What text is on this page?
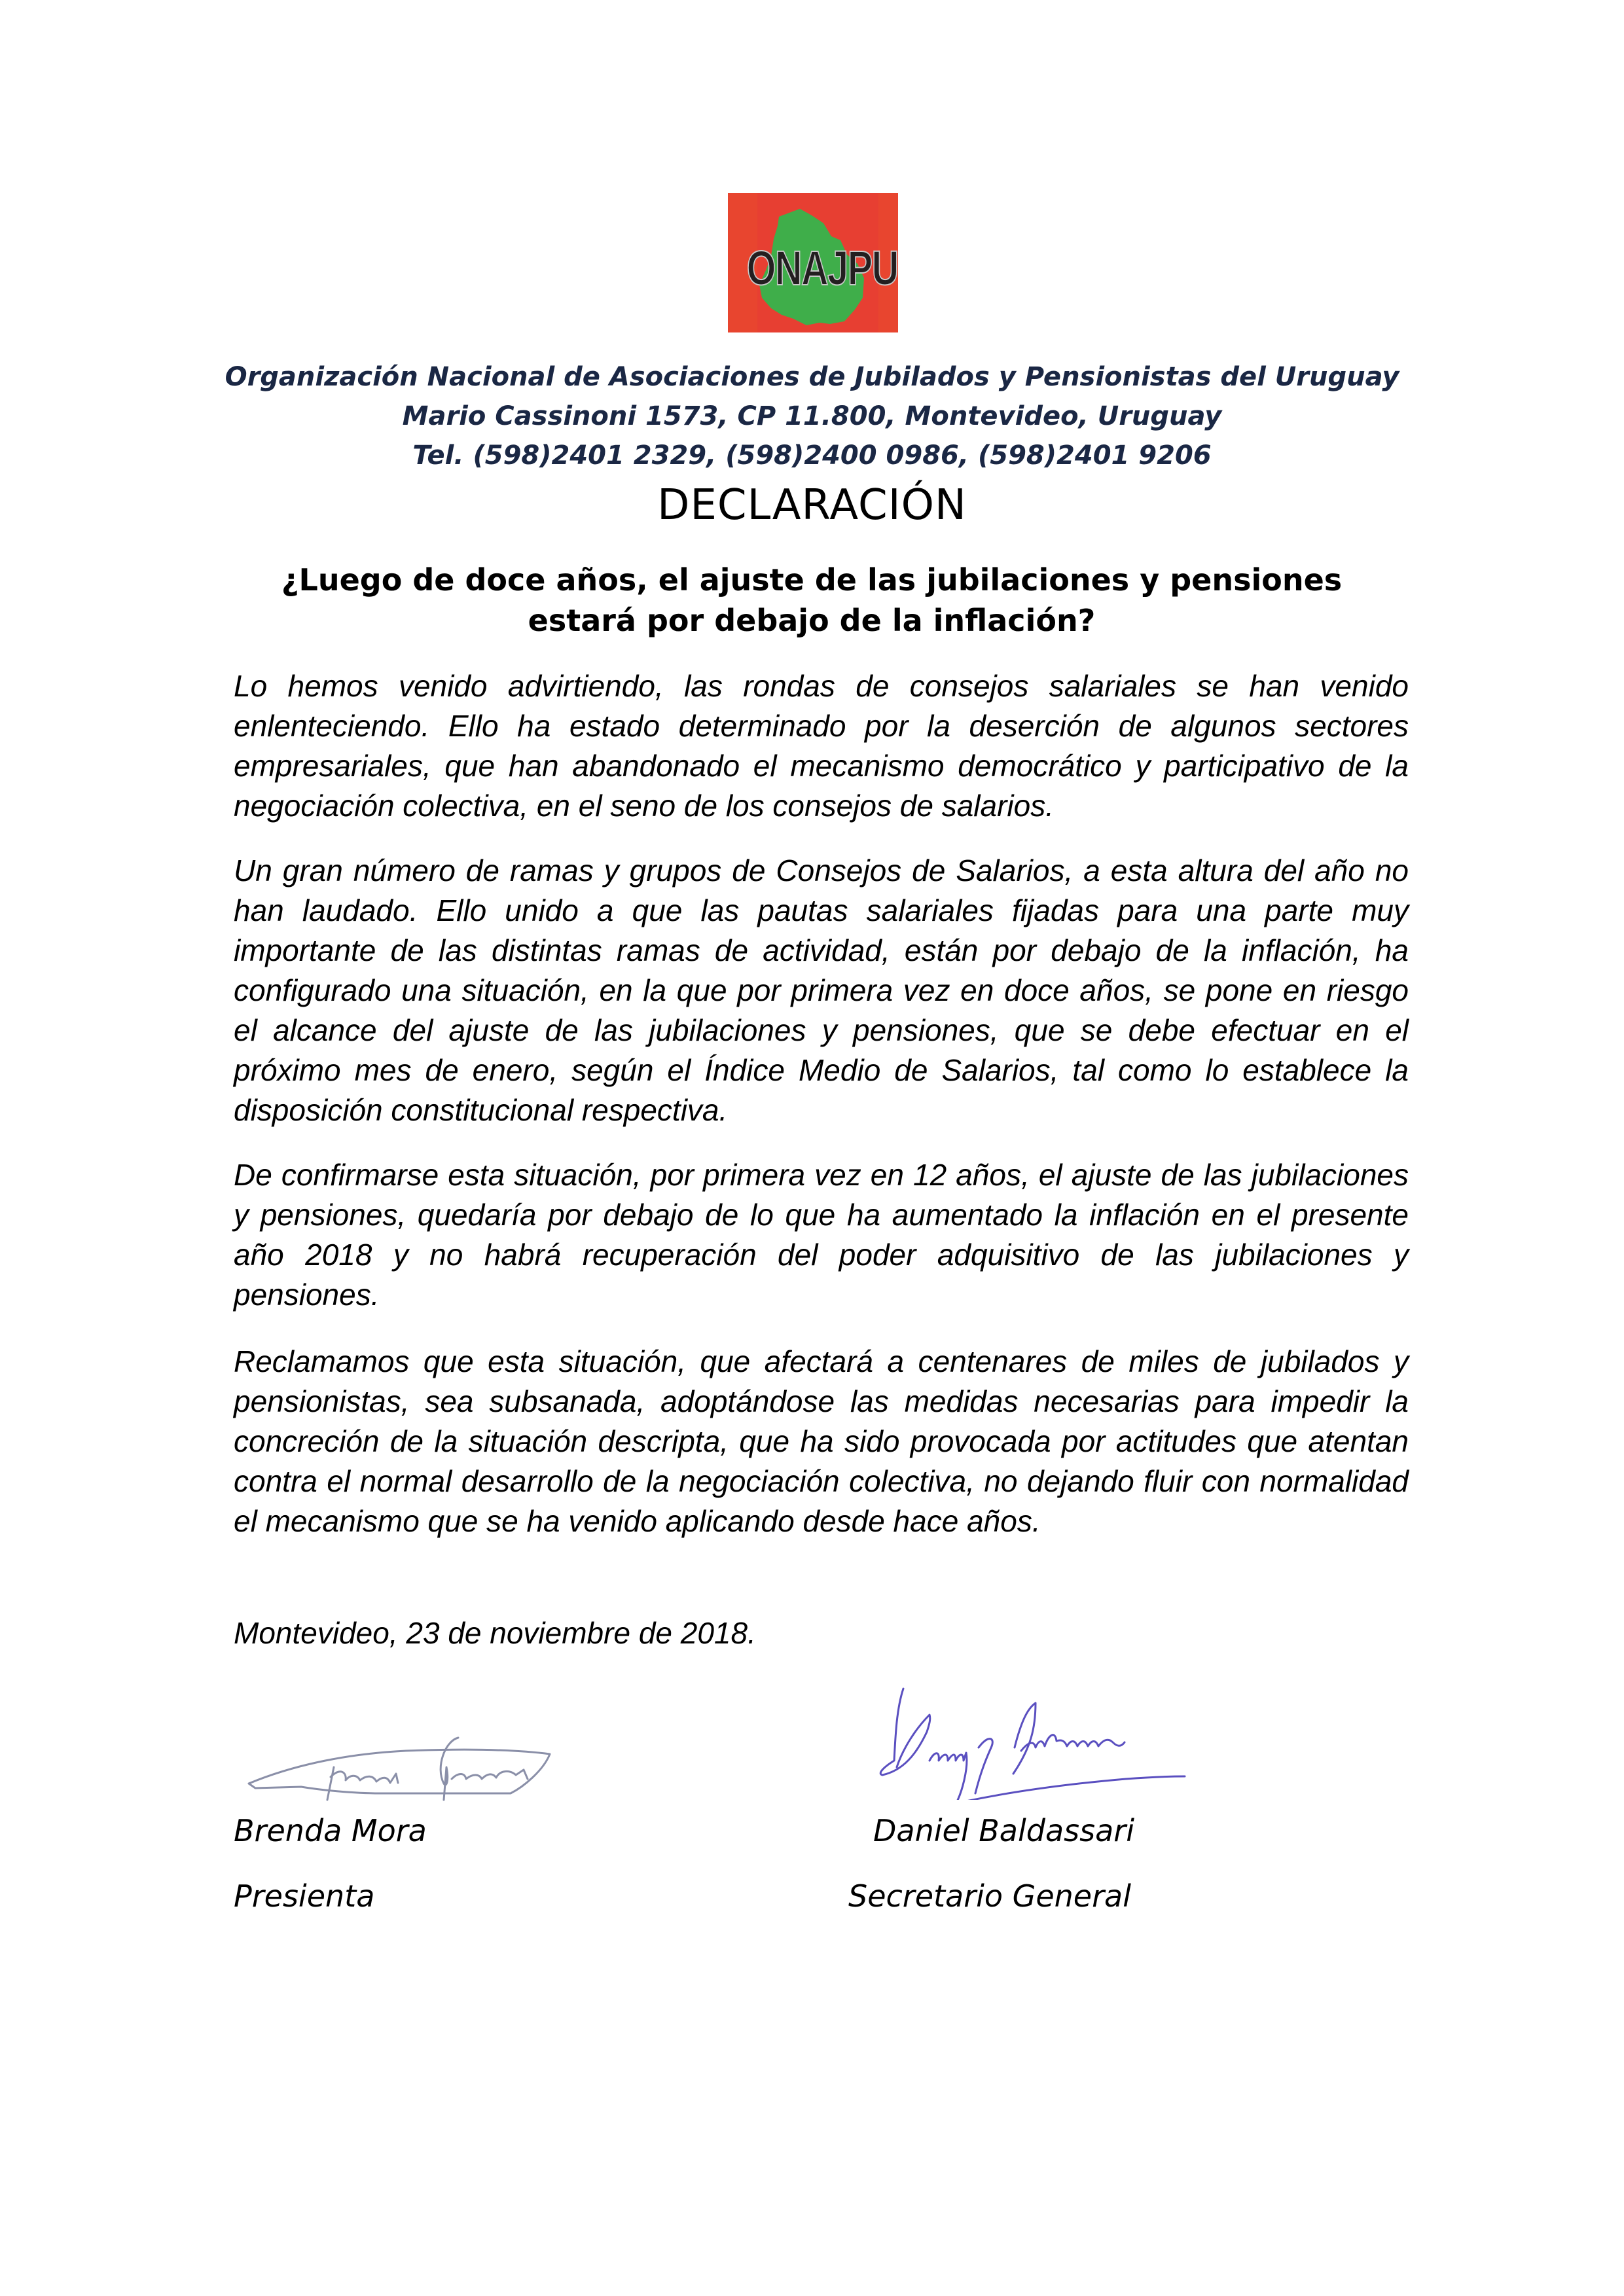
ONAJPU
Organización Nacional de Asociaciones de Jubilados y Pensionistas del Uruguay
Mario Cassinoni 1573, CP 11.800, Montevideo, Uruguay
Tel. (598)2401 2329, (598)2400 0986, (598)2401 9206
DECLARACIÓN
¿Luego de doce años, el ajuste de las jubilaciones y pensiones estará por debajo de la inflación?

Lo hemos venido advirtiendo, las rondas de consejos salariales se han venido enlenteciendo. Ello ha estado determinado por la deserción de algunos sectores empresariales, que han abandonado el mecanismo democrático y participativo de la negociación colectiva, en el seno de los consejos de salarios.

Un gran número de ramas y grupos de Consejos de Salarios, a esta altura del año no han laudado. Ello unido a que las pautas salariales fijadas para una parte muy importante de las distintas ramas de actividad, están por debajo de la inflación, ha configurado una situación, en la que por primera vez en doce años, se pone en riesgo el alcance del ajuste de las jubilaciones y pensiones, que se debe efectuar en el próximo mes de enero, según el Índice Medio de Salarios, tal como lo establece la disposición constitucional respectiva.

De confirmarse esta situación, por primera vez en 12 años, el ajuste de las jubilaciones y pensiones, quedaría por debajo de lo que ha aumentado la inflación en el presente año 2018 y no habrá recuperación del poder adquisitivo de las jubilaciones y pensiones.

Reclamamos que esta situación, que afectará a centenares de miles de jubilados y pensionistas, sea subsanada, adoptándose las medidas necesarias para impedir la concreción de la situación descripta, que ha sido provocada por actitudes que atentan contra el normal desarrollo de la negociación colectiva, no dejando fluir con normalidad el mecanismo que se ha venido aplicando desde hace años.

Montevideo, 23 de noviembre de 2018.

Brenda Mora
Presienta
Daniel Baldassari
Secretario General
